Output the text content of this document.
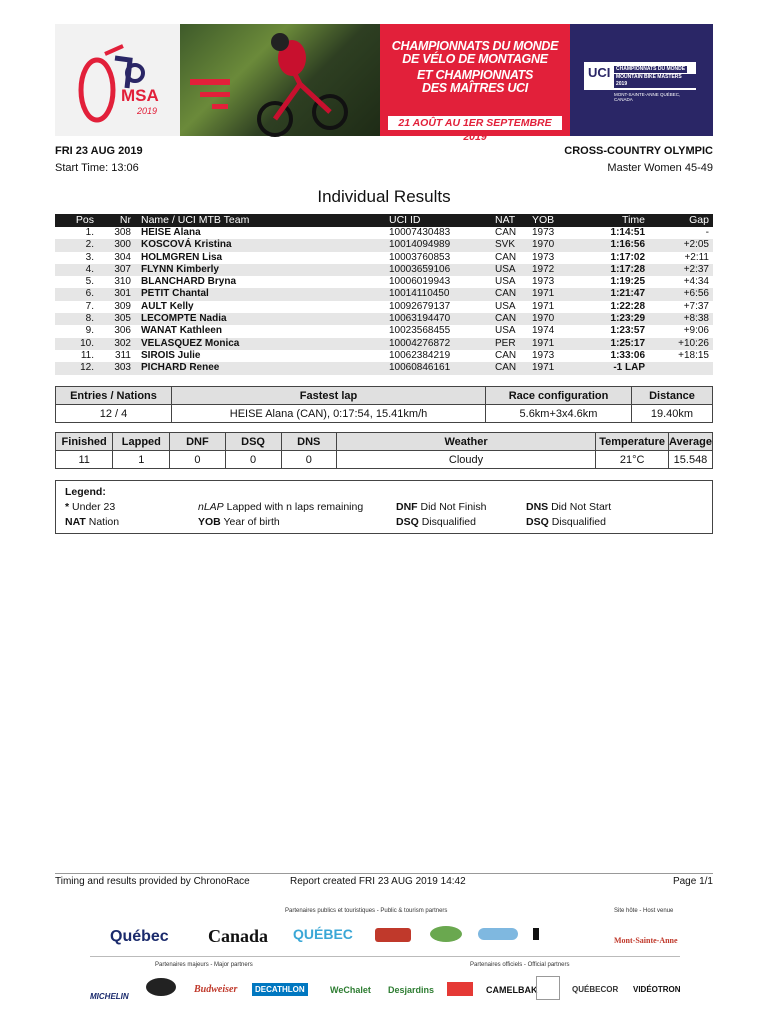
MSA
2019
CHAMPIONNATS DU MONDE
DE VÉLO DE MONTAGNE
ET CHAMPIONNATS
DES MAÎTRES UCI
21 AOÛT AU 1ER SEPTEMBRE 2019
UCI	CHAMPIONNATS DU MONDE
MOUNTAIN BIKE MASTERS 2019
MONT-SAINTE-ANNE QUÉBEC, CANADA
FRI 23 AUG 2019
Start Time: 13:06
CROSS-COUNTRY OLYMPIC
Master Women 45-49
Individual Results
Pos Nr Name / UCI MTB Team	UCI ID	NAT YOB	Time	Gap
1. 308 HEISE Alana	10007430483	CAN 1973	1:14:51	-
2. 300 KOSCOVÁ Kristina	10014094989	SVK 1970	1:16:56	+2:05
3. 304 HOLMGREN Lisa	10003760853	CAN 1973	1:17:02	+2:11
4. 307 FLYNN Kimberly	10003659106	USA 1972	1:17:28	+2:37
5. 310 BLANCHARD Bryna	10006019943	USA 1973	1:19:25	+4:34
6. 301 PETIT Chantal	10014110450	CAN 1971	1:21:47	+6:56
7. 309 AULT Kelly	10092679137	USA 1971	1:22:28	+7:37
8. 305 LECOMPTE Nadia	10063194470	CAN 1970	1:23:29	+8:38
9. 306 WANAT Kathleen	10023568455	USA 1974	1:23:57	+9:06
10. 302 VELASQUEZ Monica	10004276872	PER 1971	1:25:17	+10:26
11. 311 SIROIS Julie	10062384219	CAN 1973	1:33:06	+18:15
12. 303 PICHARD Renee	10060846161	CAN 1971	-1 LAP
Entries / Nations	Fastest lap	Race configuration	Distance
12 / 4	HEISE Alana (CAN), 0:17:54, 15.41km/h	5.6km+3x4.6km	19.40km
Finished	Lapped	DNF	DSQ	DNS	Weather	Temperature	Average
11	1	0	0	0	Cloudy	21°C	15.548
Legend:
* Under 23
NAT Nation
nLAP Lapped with n laps remaining
YOB Year of birth
DNF Did Not Finish
DSQ Disqualified
DNS Did Not Start
DSQ Disqualified
Timing and results provided by ChronoRace	Report created FRI 23 AUG 2019 14:42	Page 1/1
Partenaires publics et touristiques - Public & tourism partners	Site hôte - Host venue
Québec Canada QUÉBEC	Mont-Sainte-Anne
Partenaires majeurs - Major partners	Partenaires officiels - Official partners
MICHELIN
Budweiser	DECATHLON	WeChalet Desjardins	CAMELBAK	QUÉBECOR VIDÉOTRON
